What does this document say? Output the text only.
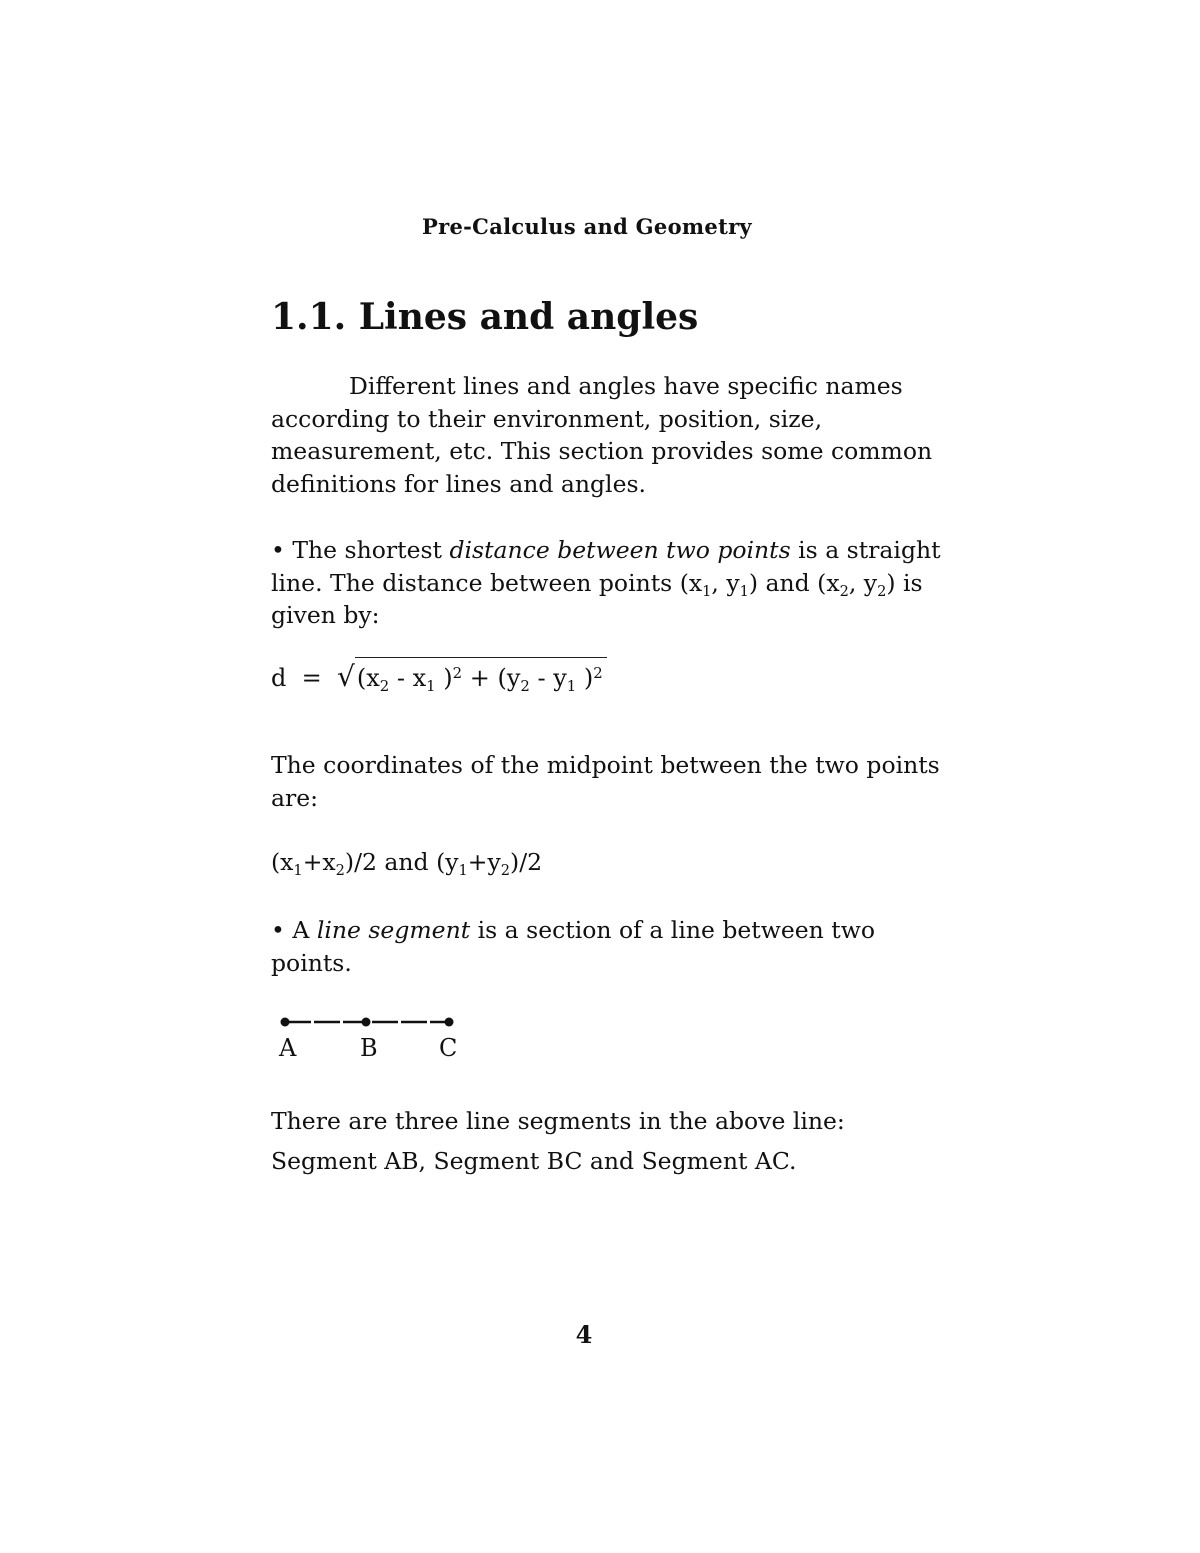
Pre-Calculus and Geometry
1.1. Lines and angles

Different lines and angles have specific names according to their environment, position, size, measurement, etc. This section provides some common definitions for lines and angles.

• The shortest distance between two points is a straight line. The distance between points ($x_1$, $y_1$) and ($x_2$, $y_2$) is given by:

$d = √(x_2 - x_1$ )$^2 + (y_2 - y_1$ )$^2$

The coordinates of the midpoint between the two points are:

$(x_1+x_2)/2$ and $(y_1+y_2)/2$

• A line segment is a section of a line between two points.

A	B	C

There are three line segments in the above line:
Segment AB, Segment BC and Segment AC.

4
